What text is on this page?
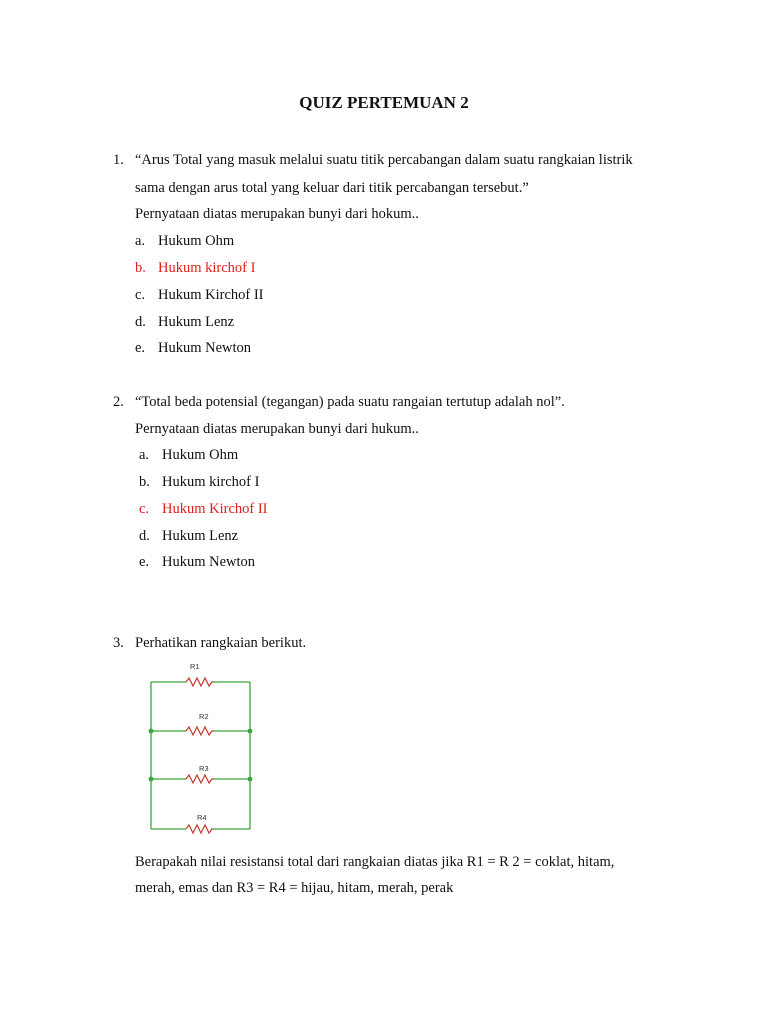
QUIZ PERTEMUAN 2
1. “Arus Total yang masuk melalui suatu titik percabangan dalam suatu rangkaian listrik
sama dengan arus total yang keluar dari titik percabangan tersebut.”
Pernyataan diatas merupakan bunyi dari hokum..
a. Hukum Ohm
b. Hukum kirchof I
c. Hukum Kirchof II
d. Hukum Lenz
e. Hukum Newton
2. “Total beda potensial (tegangan) pada suatu rangaian tertutup adalah nol”.
Pernyataan diatas merupakan bunyi dari hukum..
a. Hukum Ohm
b. Hukum kirchof I
c. Hukum Kirchof II
d. Hukum Lenz
e. Hukum Newton
3. Perhatikan rangkaian berikut.
R1
R2
R3
R4
Berapakah nilai resistansi total dari rangkaian diatas jika R1 = R 2 = coklat, hitam,
merah, emas dan R3 = R4 = hijau, hitam, merah, perak
